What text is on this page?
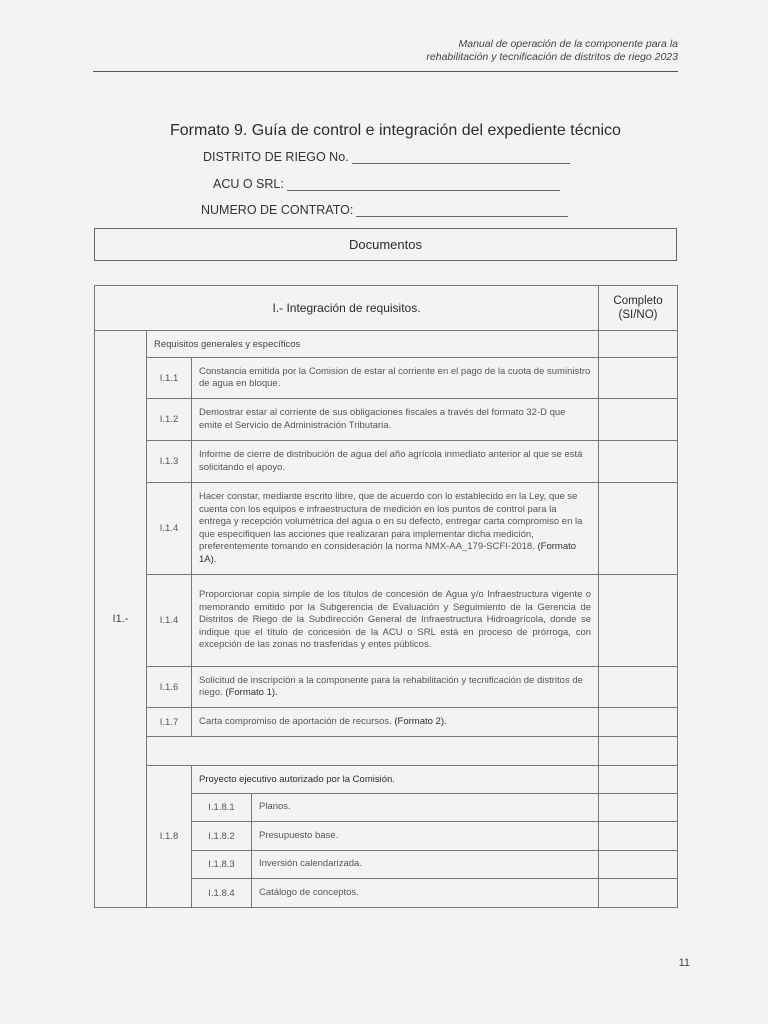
Manual de operación de la componente para la
rehabilitación y tecnificación de distritos de riego 2023
Formato 9. Guía de control e integración del expediente técnico
DISTRITO DE RIEGO No.
ACU O SRL:
NUMERO DE CONTRATO:
Documentos
I.- Integración de requisitos.				Completo
(SI/NO)

I1.-	Requisitos generales y específicos			
	I.1.1	Constancia emitida por la Comision de estar al corriente en el pago de la cuota de suministro de agua en bloque.		
	I.1.2	Demostrar estar al corriente de sus obligaciones fiscales a través del formato 32-D que emite el Servicio de Administración Tributaria.		
	I.1.3	Informe de cierre de distribución de agua del año agrícola inmediato anterior al que se está solicitando el apoyo.		
	I.1.4	Hacer constar, mediante escrito libre, que de acuerdo con lo establecido en la Ley, que se cuenta con los equipos e infraestructura de medición en los puntos de control para la entrega y recepción volumétrica del agua o en su defecto, entregar carta compromiso en la que especifiquen las acciones que realizaran para implementar dicha medición, preferentemente tomando en consideración la norma NMX-AA_179-SCFI-2018. (Formato 1A).		
	I.1.4	Proporcionar copia simple de los títulos de concesión de Agua y/o Infraestructura vigente o memorando emitido por la Subgerencia de Evaluación y Seguimiento de la Gerencia de Distritos de Riego de la Subdirección General de Infraestructura Hidroagrícola, donde se indique que el título de concesión de la ACU o SRL está en proceso de prórroga, con excepción de las zonas no trasferidas y entes públicos.		
	I.1.6	Solicitud de inscripción a la componente para la rehabilitación y tecnificación de distritos de riego. (Formato 1).		
	I.1.7	Carta compromiso de aportación de recursos. (Formato 2).		

	I.1.8	Proyecto ejecutivo autorizado por la Comisión.		
		I.1.8.1	Planos.	
		I.1.8.2	Presupuesto base.	
		I.1.8.3	Inversión calendarizada.	
		I.1.8.4	Catálogo de conceptos.	
11
